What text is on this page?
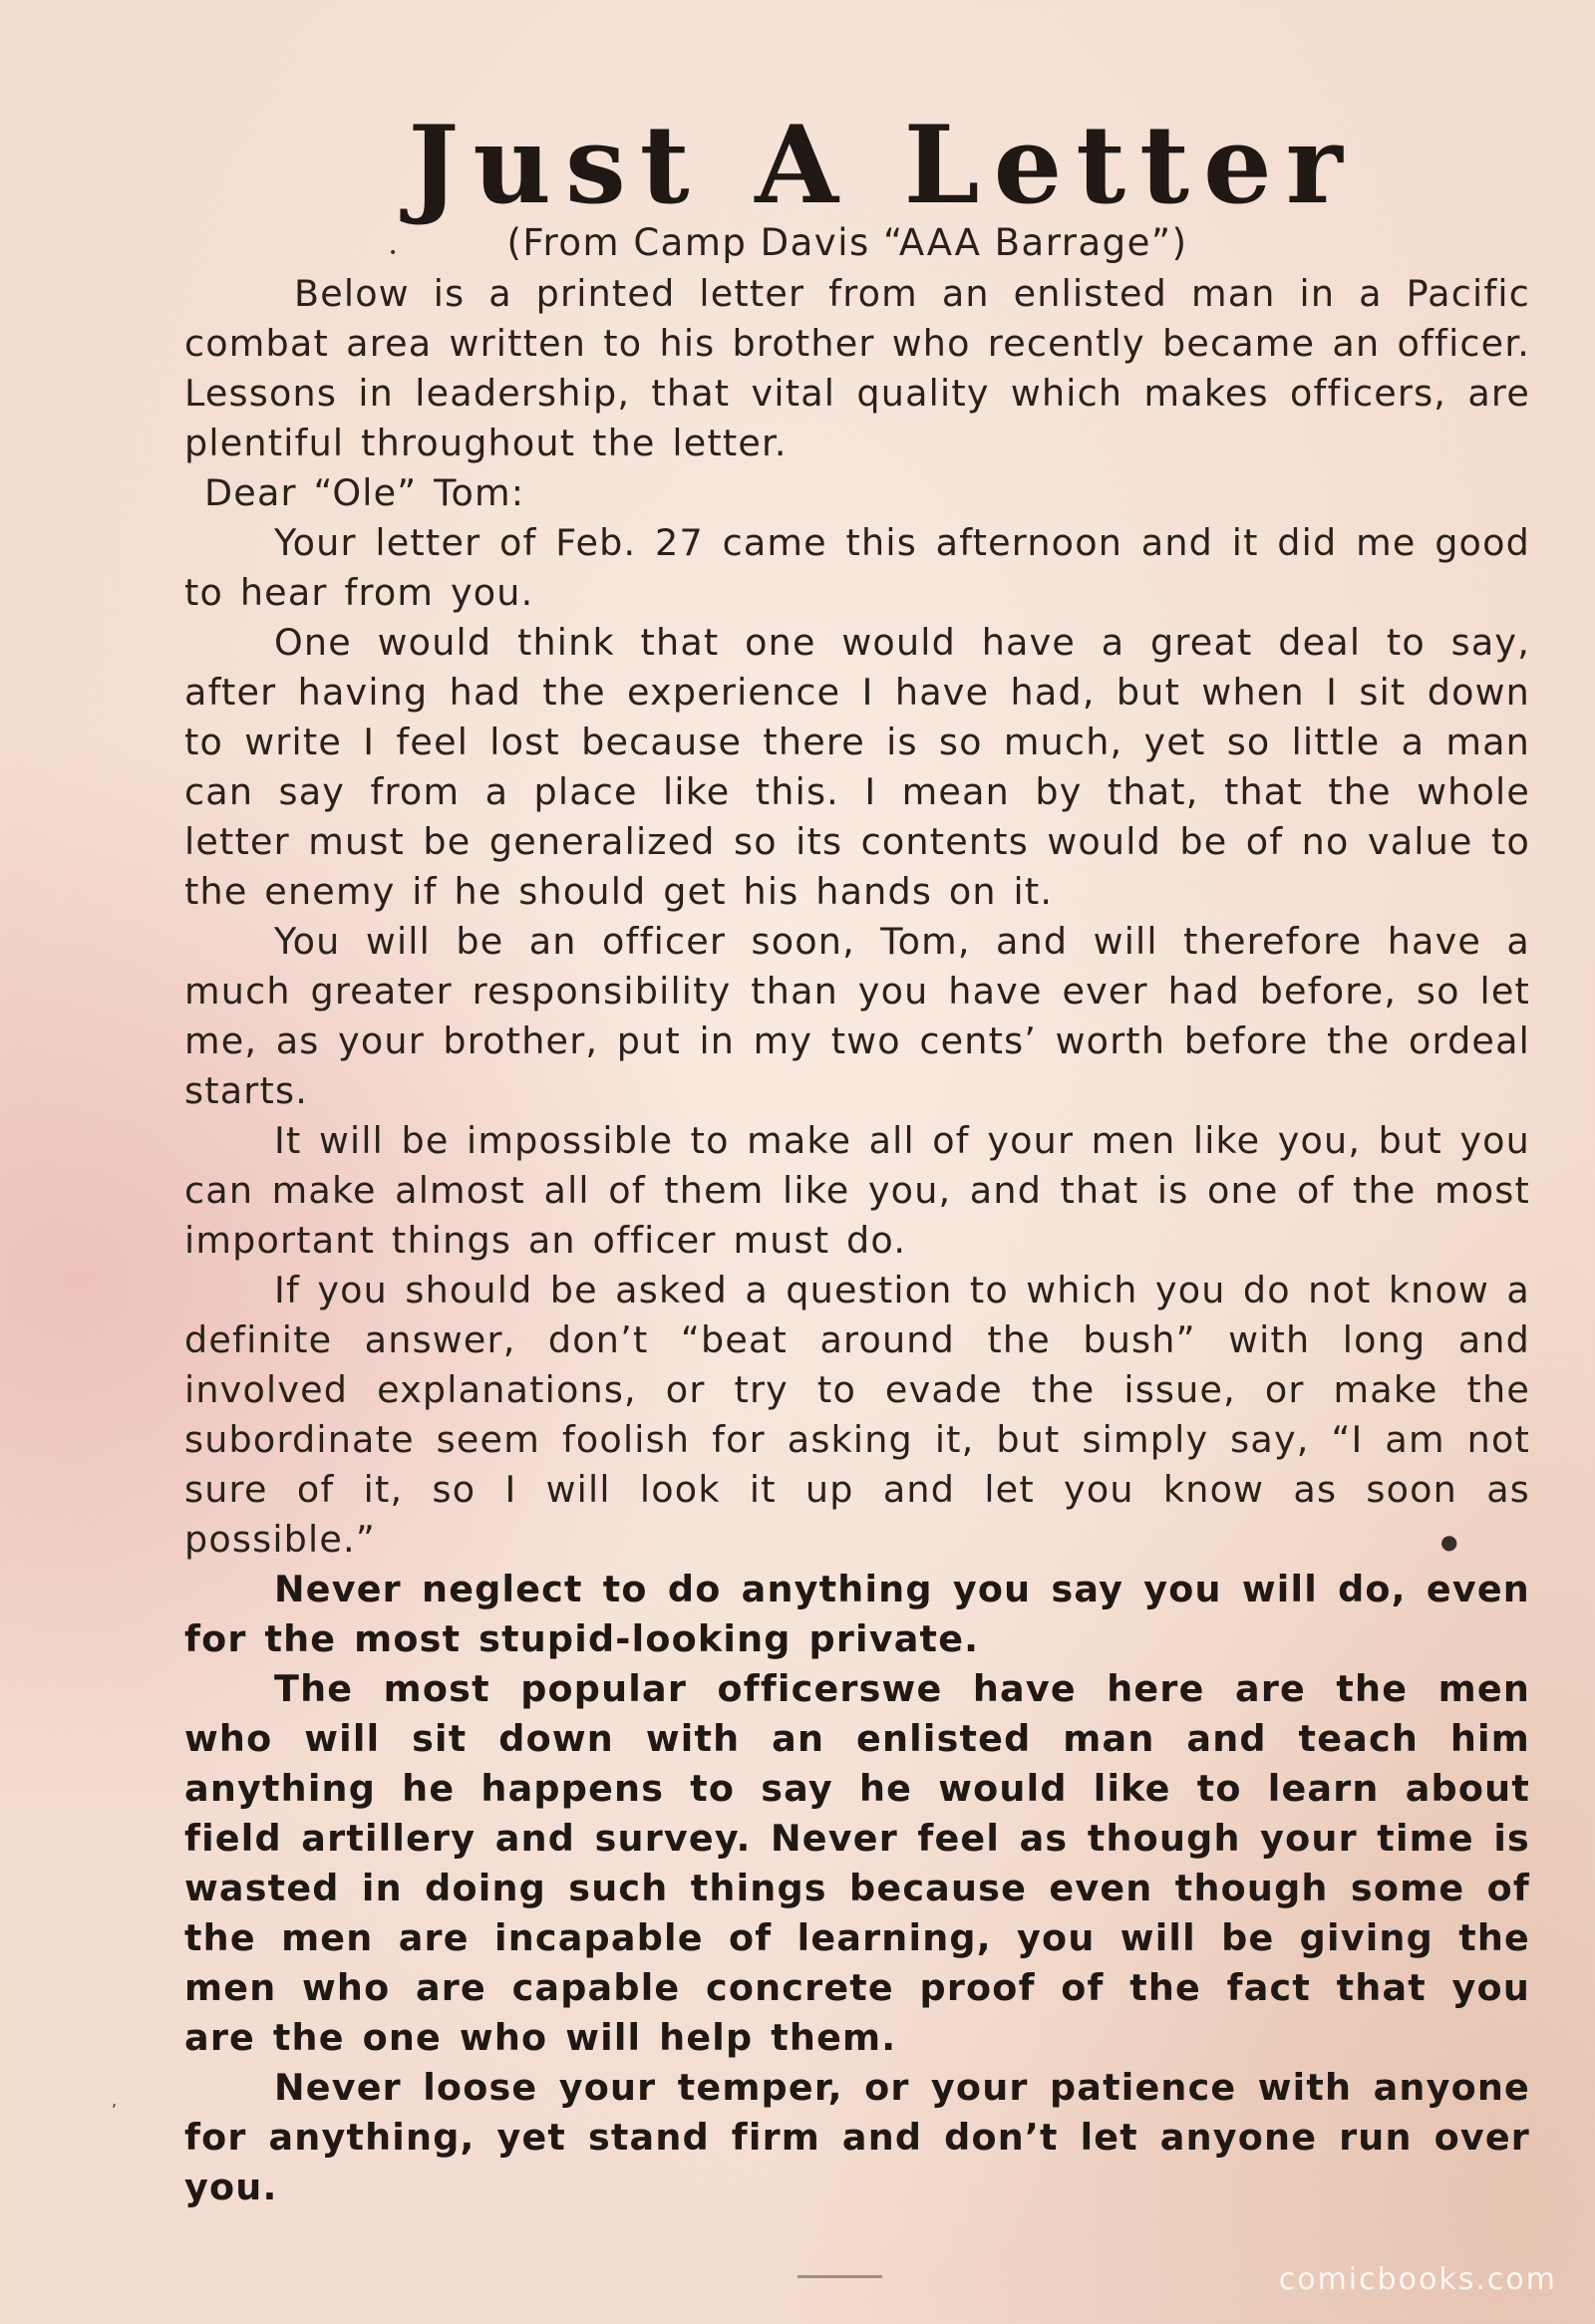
Just A Letter
•	(From Camp Davis “AAA Barrage”)

Below is a printed letter from an enlisted man in a Pacific combat area written to his brother who recently became an officer. Lessons in leadership, that vital quality which makes officers, are plentiful throughout the letter.

Dear “Ole” Tom:

Your letter of Feb. 27 came this afternoon and it did me good to hear from you.

One would think that one would have a great deal to say, after having had the experience I have had, but when I sit down to write I feel lost because there is so much, yet so little a man can say from a place like this. I mean by that, that the whole letter must be generalized so its contents would be of no value to the enemy if he should get his hands on it.

You will be an officer soon, Tom, and will therefore have a much greater responsibility than you have ever had before, so let me, as your brother, put in my two cents’ worth before the ordeal starts.

It will be impossible to make all of your men like you, but you can make almost all of them like you, and that is one of the most important things an officer must do.

If you should be asked a question to which you do not know a definite answer, don’t “beat around the bush” with long and involved explanations, or try to evade the issue, or make the subordinate seem foolish for asking it, but simply say, “I am not sure of it, so I will look it up and let you know as soon as possible.”

Never neglect to do anything you say you will do, even for the most stupid-looking private.

The most popular officerswe have here are the men who will sit down with an enlisted man and teach him anything he happens to say he would like to learn about field artillery and survey. Never feel as though your time is wasted in doing such things because even though some of the men are incapable of learning, you will be giving the men who are capable concrete proof of the fact that you are the one who will help them.

Never loose your temper, or your patience with anyone for anything, yet stand firm and don’t let anyone run over you.

●
,
comicbooks.com
